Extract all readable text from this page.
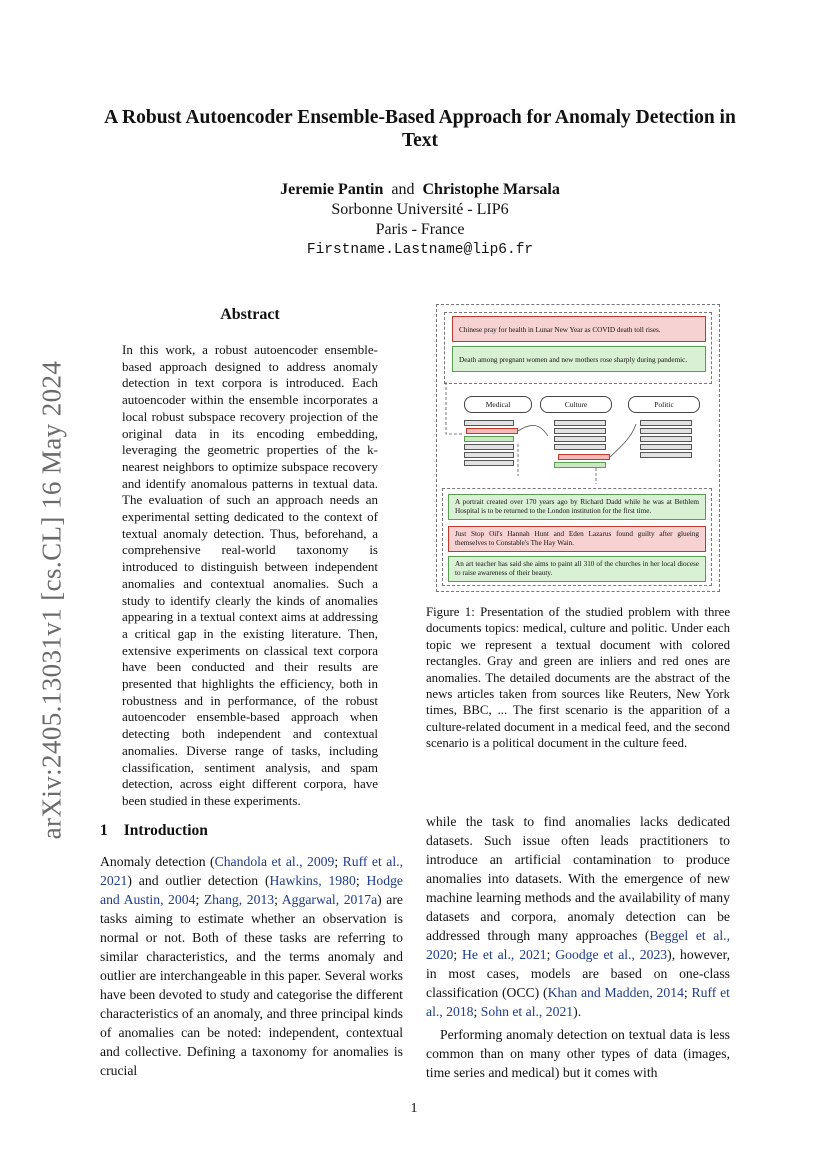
arXiv:2405.13031v1 [cs.CL] 16 May 2024
A Robust Autoencoder Ensemble-Based Approach for Anomaly Detection in Text
Jeremie Pantin and Christophe Marsala
Sorbonne Université - LIP6
Paris - France
Firstname.Lastname@lip6.fr
Abstract
In this work, a robust autoencoder ensemble-based approach designed to address anomaly detection in text corpora is introduced. Each autoencoder within the ensemble incorporates a local robust subspace recovery projection of the original data in its encoding embedding, leveraging the geometric properties of the k-nearest neighbors to optimize subspace recovery and identify anomalous patterns in textual data. The evaluation of such an approach needs an experimental setting dedicated to the context of textual anomaly detection. Thus, beforehand, a comprehensive real-world taxonomy is introduced to distinguish between independent anomalies and contextual anomalies. Such a study to identify clearly the kinds of anomalies appearing in a textual context aims at addressing a critical gap in the existing literature. Then, extensive experiments on classical text corpora have been conducted and their results are presented that highlights the efficiency, both in robustness and in performance, of the robust autoencoder ensemble-based approach when detecting both independent and contextual anomalies. Diverse range of tasks, including classification, sentiment analysis, and spam detection, across eight different corpora, have been studied in these experiments.
Chinese pray for health in Lunar New Year as COVID death toll rises.
Death among pregnant women and new mothers rose sharply during pandemic.
Medical	Culture	Politic
A portrait created over 170 years ago by Richard Dadd while he was at Bethlem Hospital is to be returned to the London institution for the first time.
Just Stop Oil's Hannah Hunt and Eden Lazarus found guilty after glueing themselves to Constable's The Hay Wain.
An art teacher has said she aims to paint all 310 of the churches in her local diocese to raise awareness of their beauty.
Figure 1: Presentation of the studied problem with three documents topics: medical, culture and politic. Under each topic we represent a textual document with colored rectangles. Gray and green are inliers and red ones are anomalies. The detailed documents are the abstract of the news articles taken from sources like Reuters, New York times, BBC, ... The first scenario is the apparition of a culture-related document in a medical feed, and the second scenario is a political document in the culture feed.
while the task to find anomalies lacks dedicated datasets. Such issue often leads practitioners to introduce an artificial contamination to produce anomalies into datasets. With the emergence of new machine learning methods and the availability of many datasets and corpora, anomaly detection can be addressed through many approaches (Beggel et al., 2020; He et al., 2021; Goodge et al., 2023), however, in most cases, models are based on one-class classification (OCC) (Khan and Madden, 2014; Ruff et al., 2018; Sohn et al., 2021).
Performing anomaly detection on textual data is less common than on many other types of data (images, time series and medical) but it comes with
1 Introduction
Anomaly detection (Chandola et al., 2009; Ruff et al., 2021) and outlier detection (Hawkins, 1980; Hodge and Austin, 2004; Zhang, 2013; Aggarwal, 2017a) are tasks aiming to estimate whether an observation is normal or not. Both of these tasks are referring to similar characteristics, and the terms anomaly and outlier are interchangeable in this paper. Several works have been devoted to study and categorise the different characteristics of an anomaly, and three principal kinds of anomalies can be noted: independent, contextual and collective. Defining a taxonomy for anomalies is crucial
1
